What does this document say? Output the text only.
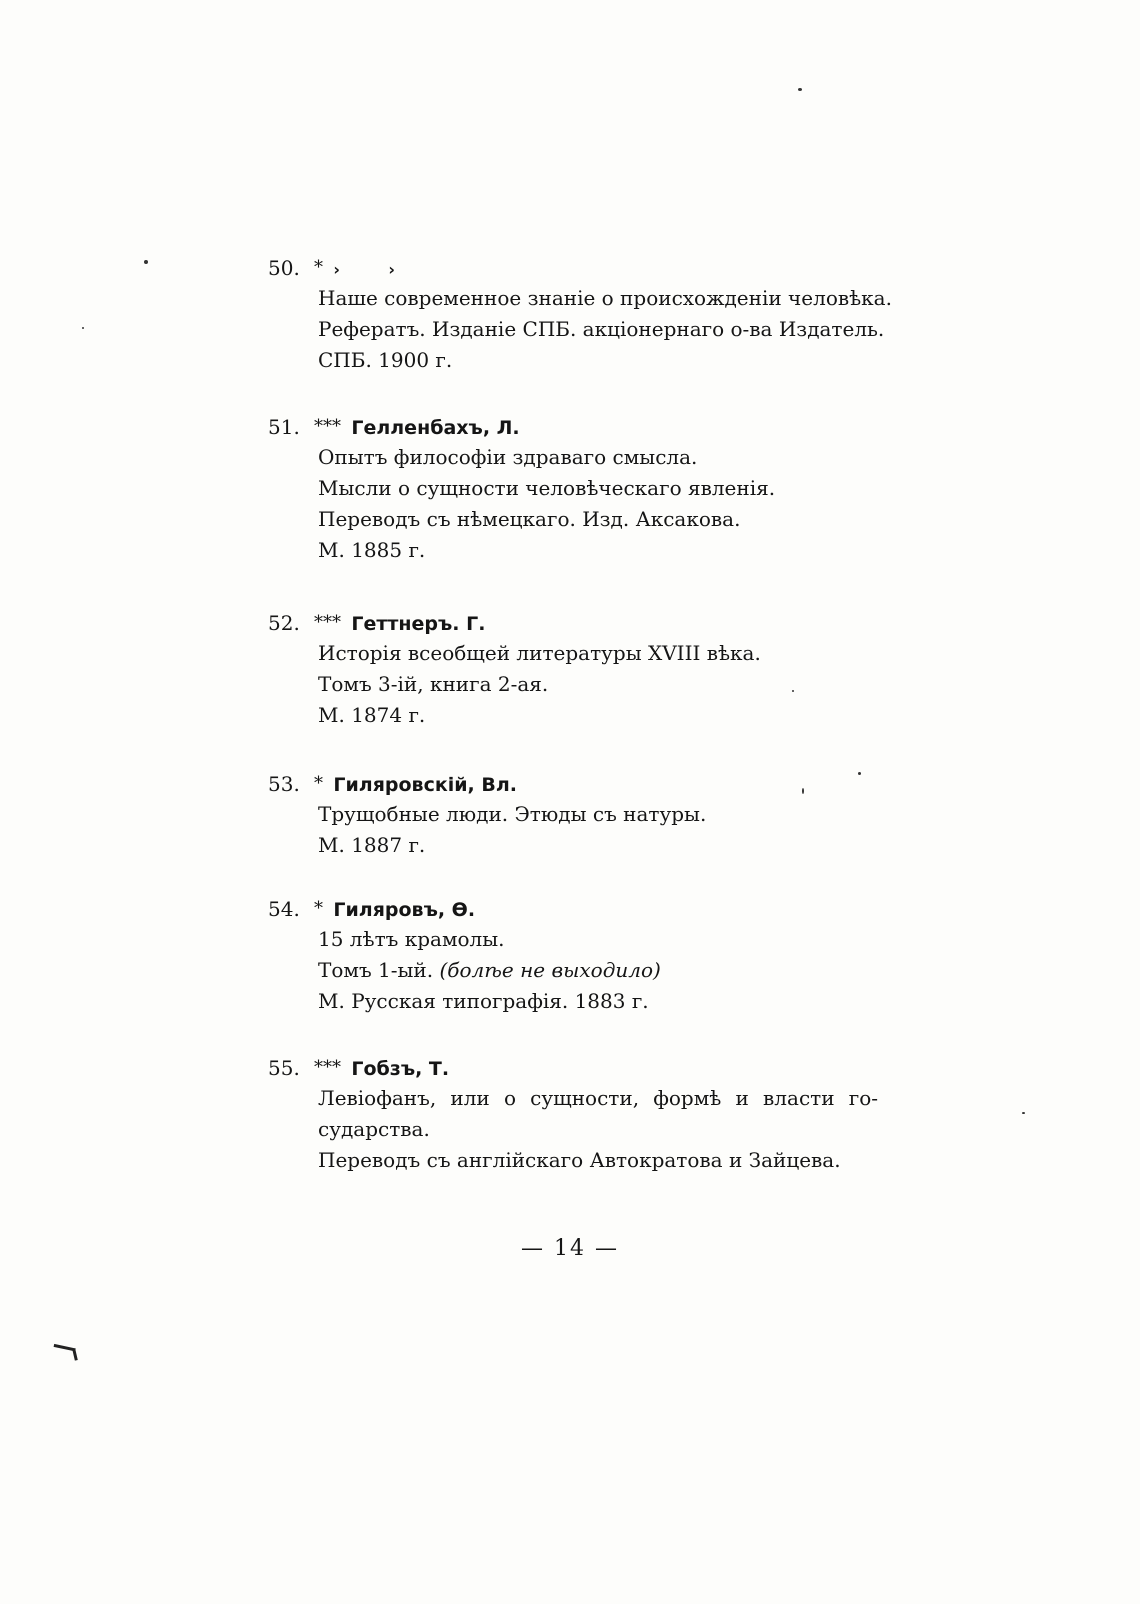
50. * ›	›
Наше современное знаніе о происхожденіи человѣка.
Рефератъ. Изданіе СПБ. акціонернаго о-ва Издатель.
СПБ. 1900 г.
51. *** Гелленбахъ, Л.
Опытъ философіи здраваго смысла.
Мысли о сущности человѣческаго явленія.
Переводъ съ нѣмецкаго. Изд. Аксакова.
М. 1885 г.
52. *** Геттнеръ. Г.
Исторія всеобщей литературы XVIII вѣка.
Томъ 3-ій, книга 2-ая.
М. 1874 г.
53. * Гиляровскій, Вл.
Трущобные люди. Этюды съ натуры.
М. 1887 г.
54. * Гиляровъ, Ѳ.
15 лѣтъ крамолы.
Томъ 1-ый. (болѣе не выходило)
М. Русская типографія. 1883 г.
55. *** Гобзъ, Т.
Левіофанъ, или о сущности, формѣ и власти го-
сударства.
Переводъ съ англійскаго Автократова и Зайцева.
— 14 —
